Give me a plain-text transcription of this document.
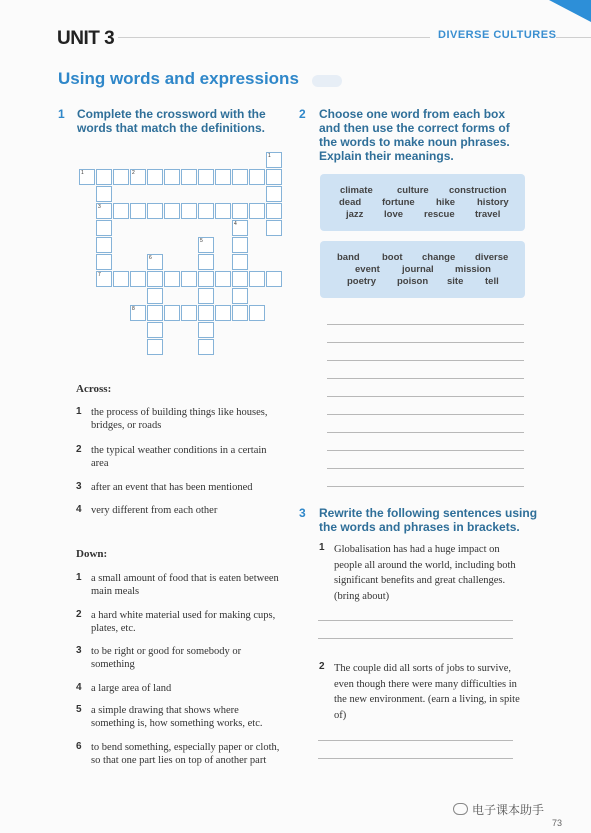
UNIT 3	DIVERSE CULTURES
Using words and expressions
1 Complete the crossword with the
words that match the definitions.
1
1	2
3
4
5
6
7
8
Across:
1 the process of building things like houses,
bridges, or roads
2 the typical weather conditions in a certain
area
3 after an event that has been mentioned
4 very different from each other
Down:
1 a small amount of food that is eaten between
main meals
2 a hard white material used for making cups,
plates, etc.
3 to be right or good for somebody or
something
4 a large area of land
5 a simple drawing that shows where
something is, how something works, etc.
6 to bend something, especially paper or cloth,
so that one part lies on top of another part
2 Choose one word from each box
and then use the correct forms of
the words to make noun phrases.
Explain their meanings.
climate	culture construction
dead fortune hike history
jazz love rescue travel
band boot change diverse
event journal mission
poetry poison site tell
3 Rewrite the following sentences using
the words and phrases in brackets.
1 Globalisation has had a huge impact on
people all around the world, including both
significant benefits and great challenges.
(bring about)
2 The couple did all sorts of jobs to survive,
even though there were many difficulties in
the new environment. (earn a living, in spite
of)
电子课本助手
73
